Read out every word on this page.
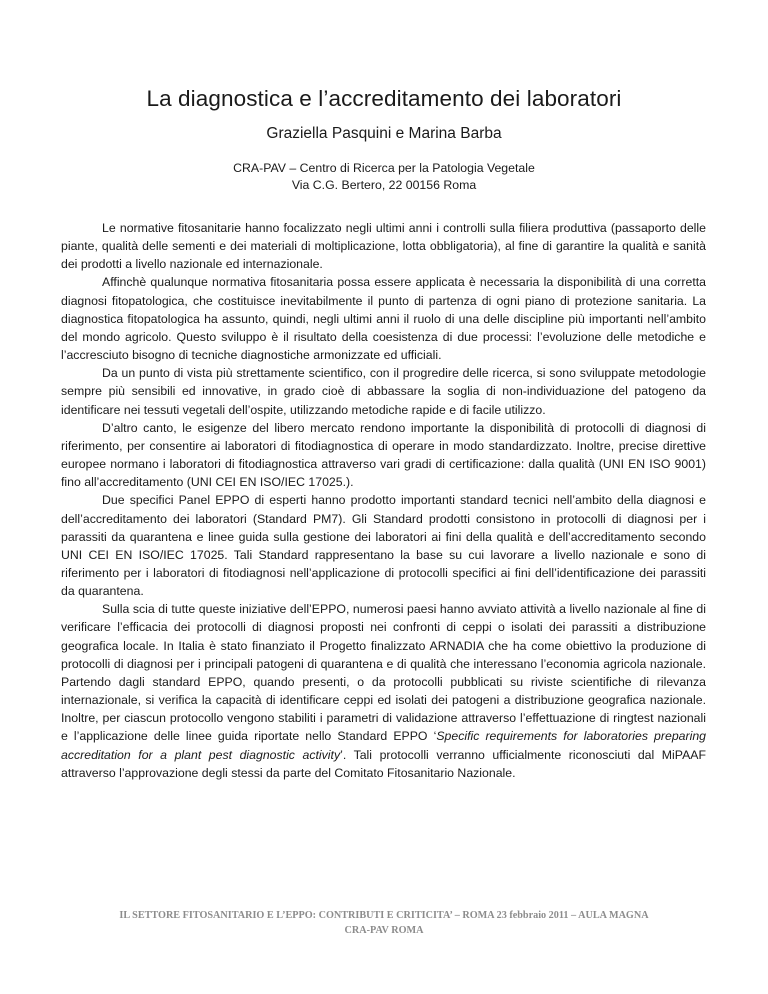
La diagnostica e l’accreditamento dei laboratori
Graziella Pasquini e Marina Barba
CRA-PAV – Centro di Ricerca per la Patologia Vegetale
Via C.G. Bertero, 22 00156 Roma

Le normative fitosanitarie hanno focalizzato negli ultimi anni i controlli sulla filiera produttiva (passaporto delle piante, qualità delle sementi e dei materiali di moltiplicazione, lotta obbligatoria), al fine di garantire la qualità e sanità dei prodotti a livello nazionale ed internazionale.

Affinchè qualunque normativa fitosanitaria possa essere applicata è necessaria la disponibilità di una corretta diagnosi fitopatologica, che costituisce inevitabilmente il punto di partenza di ogni piano di protezione sanitaria. La diagnostica fitopatologica ha assunto, quindi, negli ultimi anni il ruolo di una delle discipline più importanti nell’ambito del mondo agricolo. Questo sviluppo è il risultato della coesistenza di due processi: l’evoluzione delle metodiche e l’accresciuto bisogno di tecniche diagnostiche armonizzate ed ufficiali.

Da un punto di vista più strettamente scientifico, con il progredire delle ricerca, si sono sviluppate metodologie sempre più sensibili ed innovative, in grado cioè di abbassare la soglia di non-individuazione del patogeno da identificare nei tessuti vegetali dell’ospite, utilizzando metodiche rapide e di facile utilizzo.

D’altro canto, le esigenze del libero mercato rendono importante la disponibilità di protocolli di diagnosi di riferimento, per consentire ai laboratori di fitodiagnostica di operare in modo standardizzato. Inoltre, precise direttive europee normano i laboratori di fitodiagnostica attraverso vari gradi di certificazione: dalla qualità (UNI EN ISO 9001) fino all’accreditamento (UNI CEI EN ISO/IEC 17025.).

Due specifici Panel EPPO di esperti hanno prodotto importanti standard tecnici nell’ambito della diagnosi e dell’accreditamento dei laboratori (Standard PM7). Gli Standard prodotti consistono in protocolli di diagnosi per i parassiti da quarantena e linee guida sulla gestione dei laboratori ai fini della qualità e dell’accreditamento secondo UNI CEI EN ISO/IEC 17025. Tali Standard rappresentano la base su cui lavorare a livello nazionale e sono di riferimento per i laboratori di fitodiagnosi nell’applicazione di protocolli specifici ai fini dell’identificazione dei parassiti da quarantena.

Sulla scia di tutte queste iniziative dell’EPPO, numerosi paesi hanno avviato attività a livello nazionale al fine di verificare l’efficacia dei protocolli di diagnosi proposti nei confronti di ceppi o isolati dei parassiti a distribuzione geografica locale. In Italia è stato finanziato il Progetto finalizzato ARNADIA che ha come obiettivo la produzione di protocolli di diagnosi per i principali patogeni di quarantena e di qualità che interessano l’economia agricola nazionale. Partendo dagli standard EPPO, quando presenti, o da protocolli pubblicati su riviste scientifiche di rilevanza internazionale, si verifica la capacità di identificare ceppi ed isolati dei patogeni a distribuzione geografica nazionale. Inoltre, per ciascun protocollo vengono stabiliti i parametri di validazione attraverso l’effettuazione di ringtest nazionali e l’applicazione delle linee guida riportate nello Standard EPPO ‘Specific requirements for laboratories preparing accreditation for a plant pest diagnostic activity’. Tali protocolli verranno ufficialmente riconosciuti dal MiPAAF attraverso l’approvazione degli stessi da parte del Comitato Fitosanitario Nazionale.

IL SETTORE FITOSANITARIO E L’EPPO: CONTRIBUTI E CRITICITA’ – ROMA 23 febbraio 2011 – AULA MAGNA
CRA-PAV ROMA
